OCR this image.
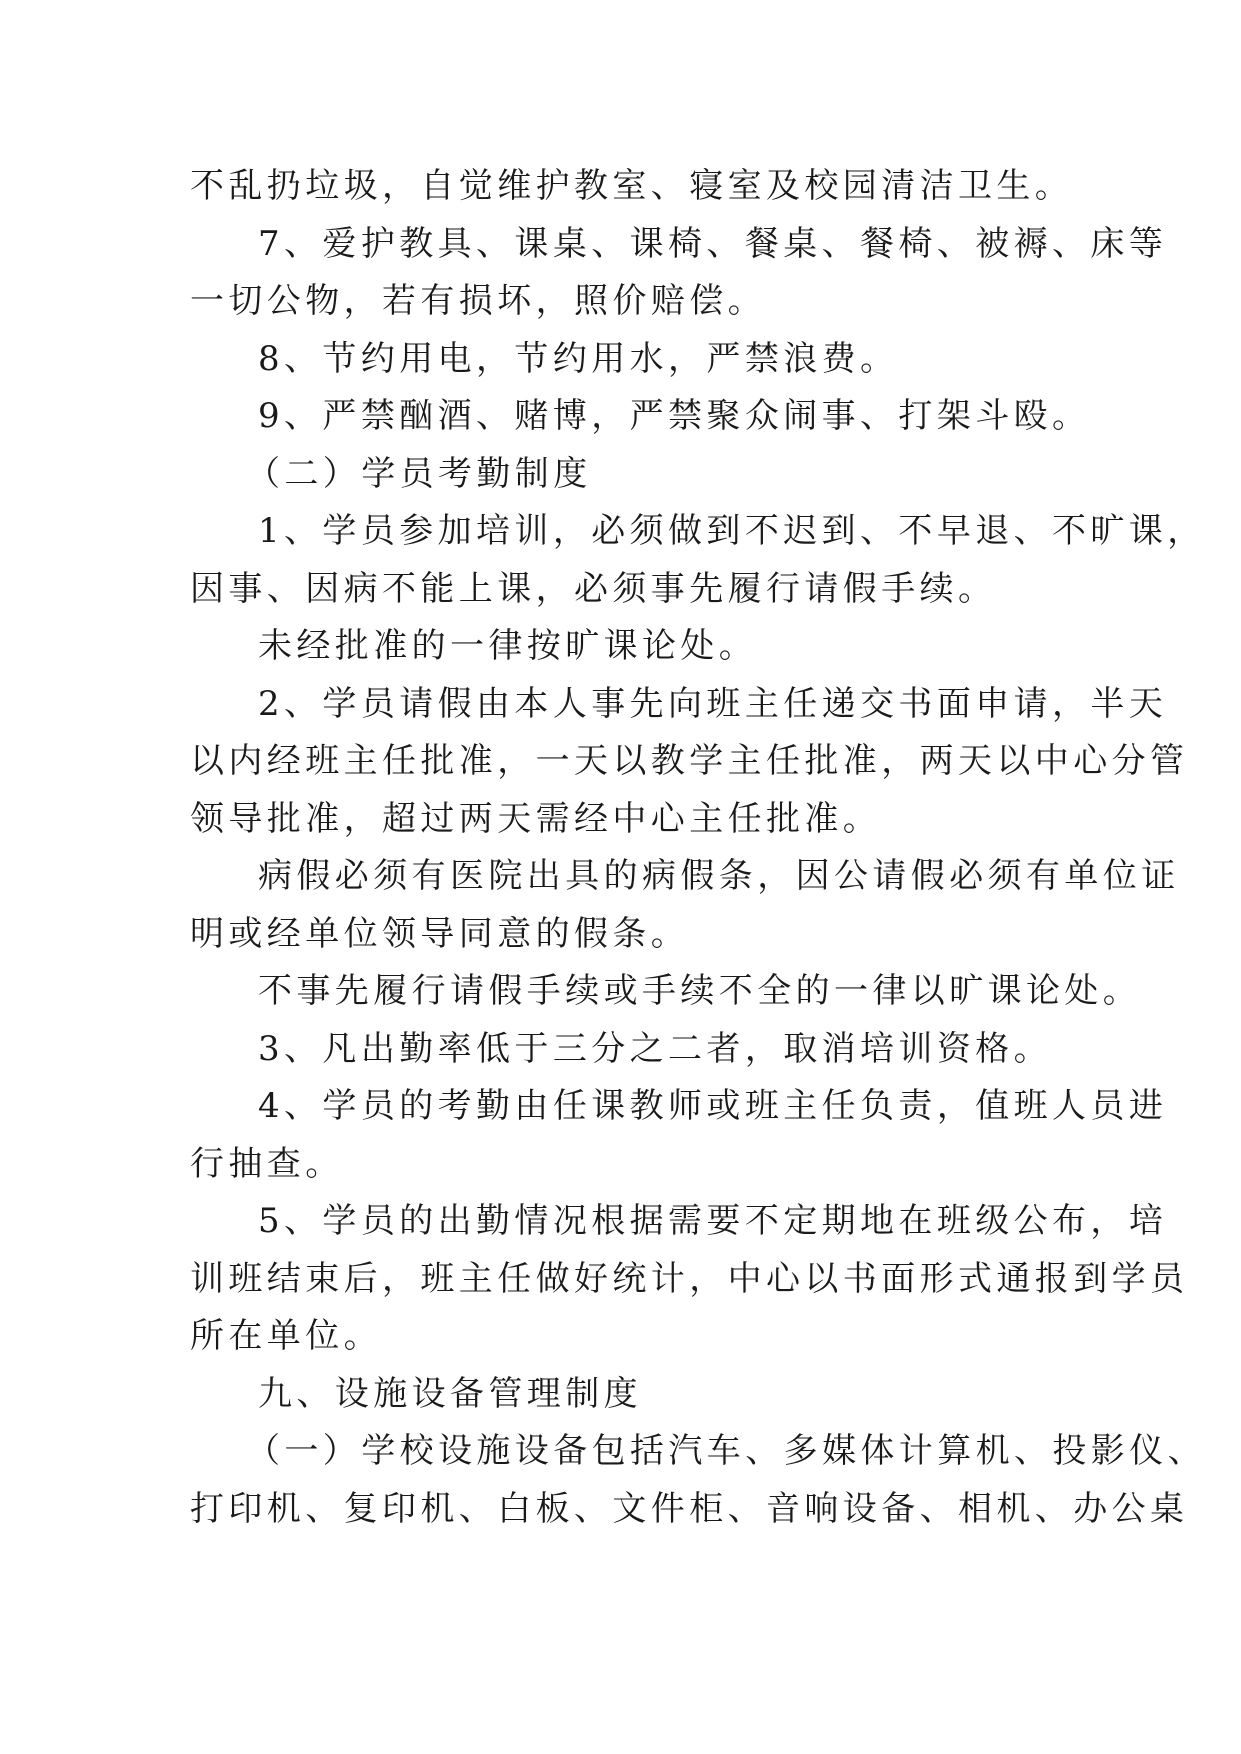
不乱扔垃圾，自觉维护教室、寝室及校园清洁卫生。

7、爱护教具、课桌、课椅、餐桌、餐椅、被褥、床等
一切公物，若有损坏，照价赔偿。

8、节约用电，节约用水，严禁浪费。

9、严禁酗酒、赌博，严禁聚众闹事、打架斗殴。

（二）学员考勤制度

1、学员参加培训，必须做到不迟到、不早退、不旷课，
因事、因病不能上课，必须事先履行请假手续。

未经批准的一律按旷课论处。

2、学员请假由本人事先向班主任递交书面申请，半天
以内经班主任批准，一天以教学主任批准，两天以中心分管
领导批准，超过两天需经中心主任批准。

病假必须有医院出具的病假条，因公请假必须有单位证
明或经单位领导同意的假条。

不事先履行请假手续或手续不全的一律以旷课论处。

3、凡出勤率低于三分之二者，取消培训资格。

4、学员的考勤由任课教师或班主任负责，值班人员进
行抽查。

5、学员的出勤情况根据需要不定期地在班级公布，培
训班结束后，班主任做好统计，中心以书面形式通报到学员
所在单位。

九、设施设备管理制度

（一）学校设施设备包括汽车、多媒体计算机、投影仪、
打印机、复印机、白板、文件柜、音响设备、相机、办公桌
